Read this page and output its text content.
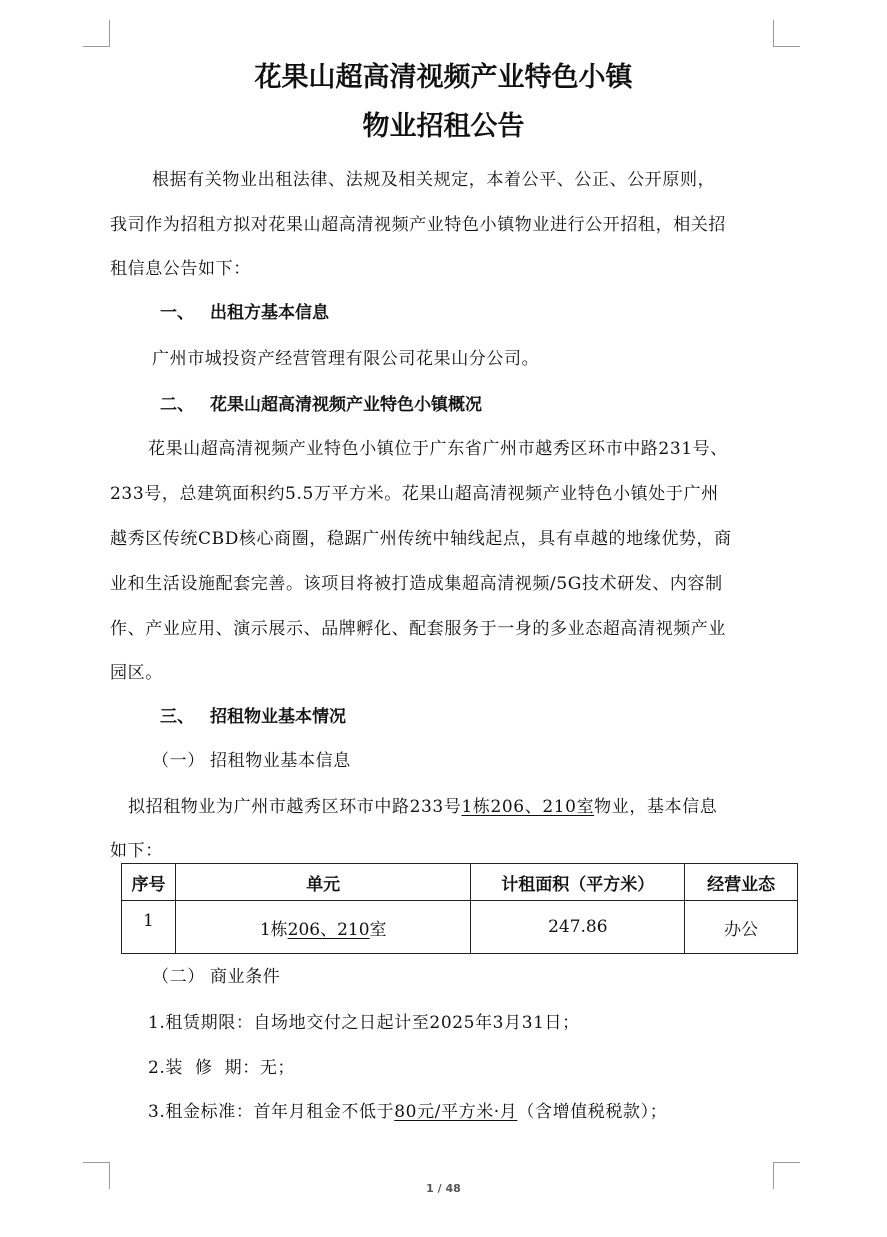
花果山超高清视频产业特色小镇
物业招租公告
根据有关物业出租法律、法规及相关规定，本着公平、公正、公开原则，
我司作为招租方拟对花果山超高清视频产业特色小镇物业进行公开招租，相关招
租信息公告如下：
一、 出租方基本信息
广州市城投资产经营管理有限公司花果山分公司。
二、 花果山超高清视频产业特色小镇概况
花果山超高清视频产业特色小镇位于广东省广州市越秀区环市中路231号、
233号，总建筑面积约5.5万平方米。花果山超高清视频产业特色小镇处于广州
越秀区传统CBD核心商圈，稳踞广州传统中轴线起点，具有卓越的地缘优势，商
业和生活设施配套完善。该项目将被打造成集超高清视频/5G技术研发、内容制
作、产业应用、演示展示、品牌孵化、配套服务于一身的多业态超高清视频产业
园区。
三、 招租物业基本情况
（一） 招租物业基本信息
拟招租物业为广州市越秀区环市中路233号1栋206、210室物业，基本信息
如下：
序号	单元	计租面积（平方米）	经营业态
1	1栋206、210室	247.86	办公
（二） 商业条件
1.租赁期限：自场地交付之日起计至2025年3月31日；
2.装  修  期：无；
3.租金标准：首年月租金不低于80元/平方米·月（含增值税税款）；
1 / 48
